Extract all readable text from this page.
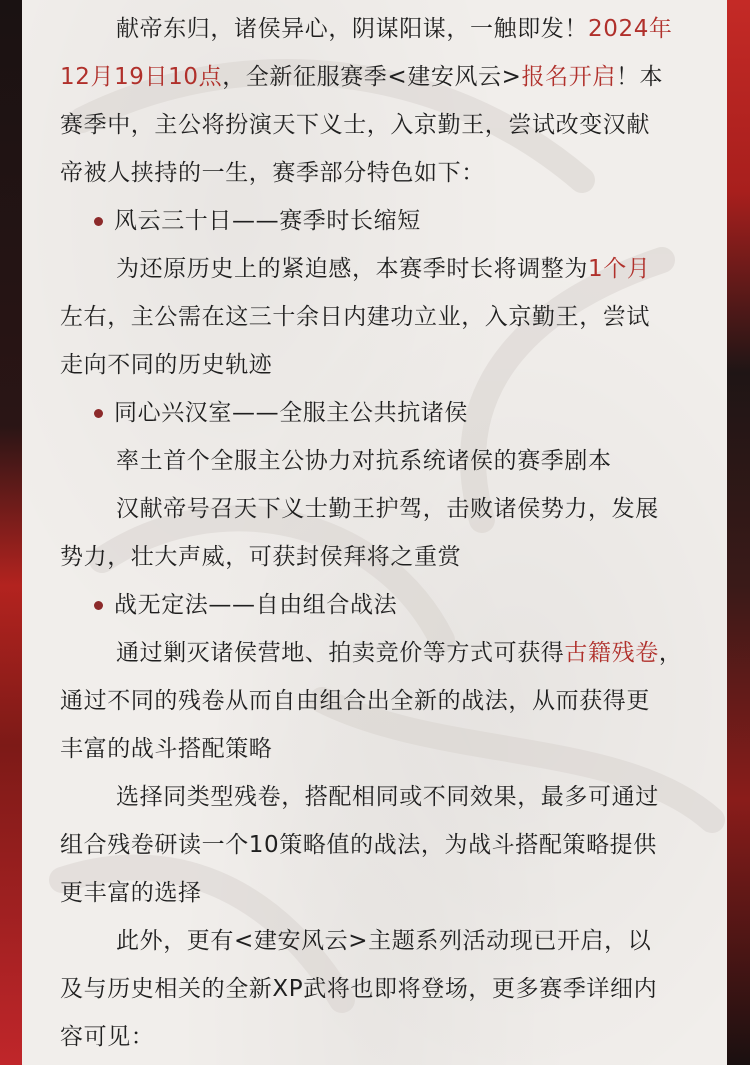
献帝东归，诸侯异心，阴谋阳谋，一触即发！2024年
12月19日10点，全新征服赛季<建安风云>报名开启！本
赛季中，主公将扮演天下义士，入京勤王，尝试改变汉献
帝被人挟持的一生，赛季部分特色如下：
风云三十日——赛季时长缩短
为还原历史上的紧迫感，本赛季时长将调整为1个月
左右，主公需在这三十余日内建功立业，入京勤王，尝试
走向不同的历史轨迹
同心兴汉室——全服主公共抗诸侯
率土首个全服主公协力对抗系统诸侯的赛季剧本
汉献帝号召天下义士勤王护驾，击败诸侯势力，发展
势力，壮大声威，可获封侯拜将之重赏
战无定法——自由组合战法
通过剿灭诸侯营地、拍卖竞价等方式可获得古籍残卷，
通过不同的残卷从而自由组合出全新的战法，从而获得更
丰富的战斗搭配策略
选择同类型残卷，搭配相同或不同效果，最多可通过
组合残卷研读一个10策略值的战法，为战斗搭配策略提供
更丰富的选择
此外，更有<建安风云>主题系列活动现已开启，以
及与历史相关的全新XP武将也即将登场，更多赛季详细内
容可见：
